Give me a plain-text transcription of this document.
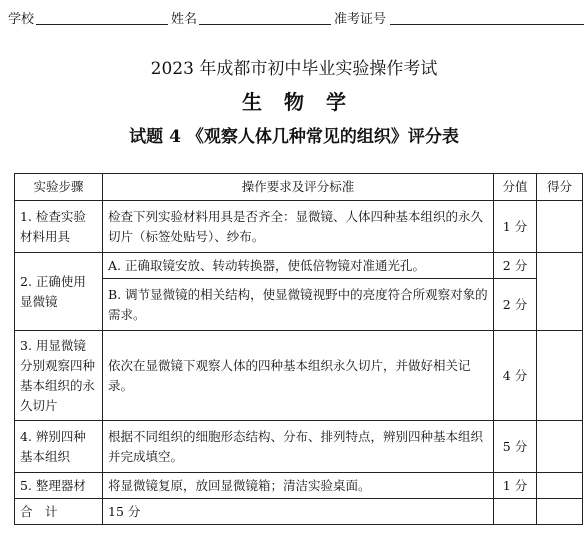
学校	姓名	准考证号
2023 年成都市初中毕业实验操作考试
生物学
试题 4 《观察人体几种常见的组织》评分表
实验步骤	操作要求及评分标准	分值	得分
1. 检查实验材料用具	检查下列实验材料用具是否齐全：显微镜、人体四种基本组织的永久切片（标签处贴号）、纱布。	1 分	
2. 正确使用显微镜	A. 正确取镜安放、转动转换器，使低倍物镜对准通光孔。	2 分	
	B. 调节显微镜的相关结构，使显微镜视野中的亮度符合所观察对象的需求。	2 分	
3. 用显微镜分别观察四种基本组织的永久切片	依次在显微镜下观察人体的四种基本组织永久切片，并做好相关记录。	4 分	
4. 辨别四种基本组织	根据不同组织的细胞形态结构、分布、排列特点，辨别四种基本组织并完成填空。	5 分	
5. 整理器材	将显微镜复原，放回显微镜箱；清洁实验桌面。	1 分	
合　计	15 分		
